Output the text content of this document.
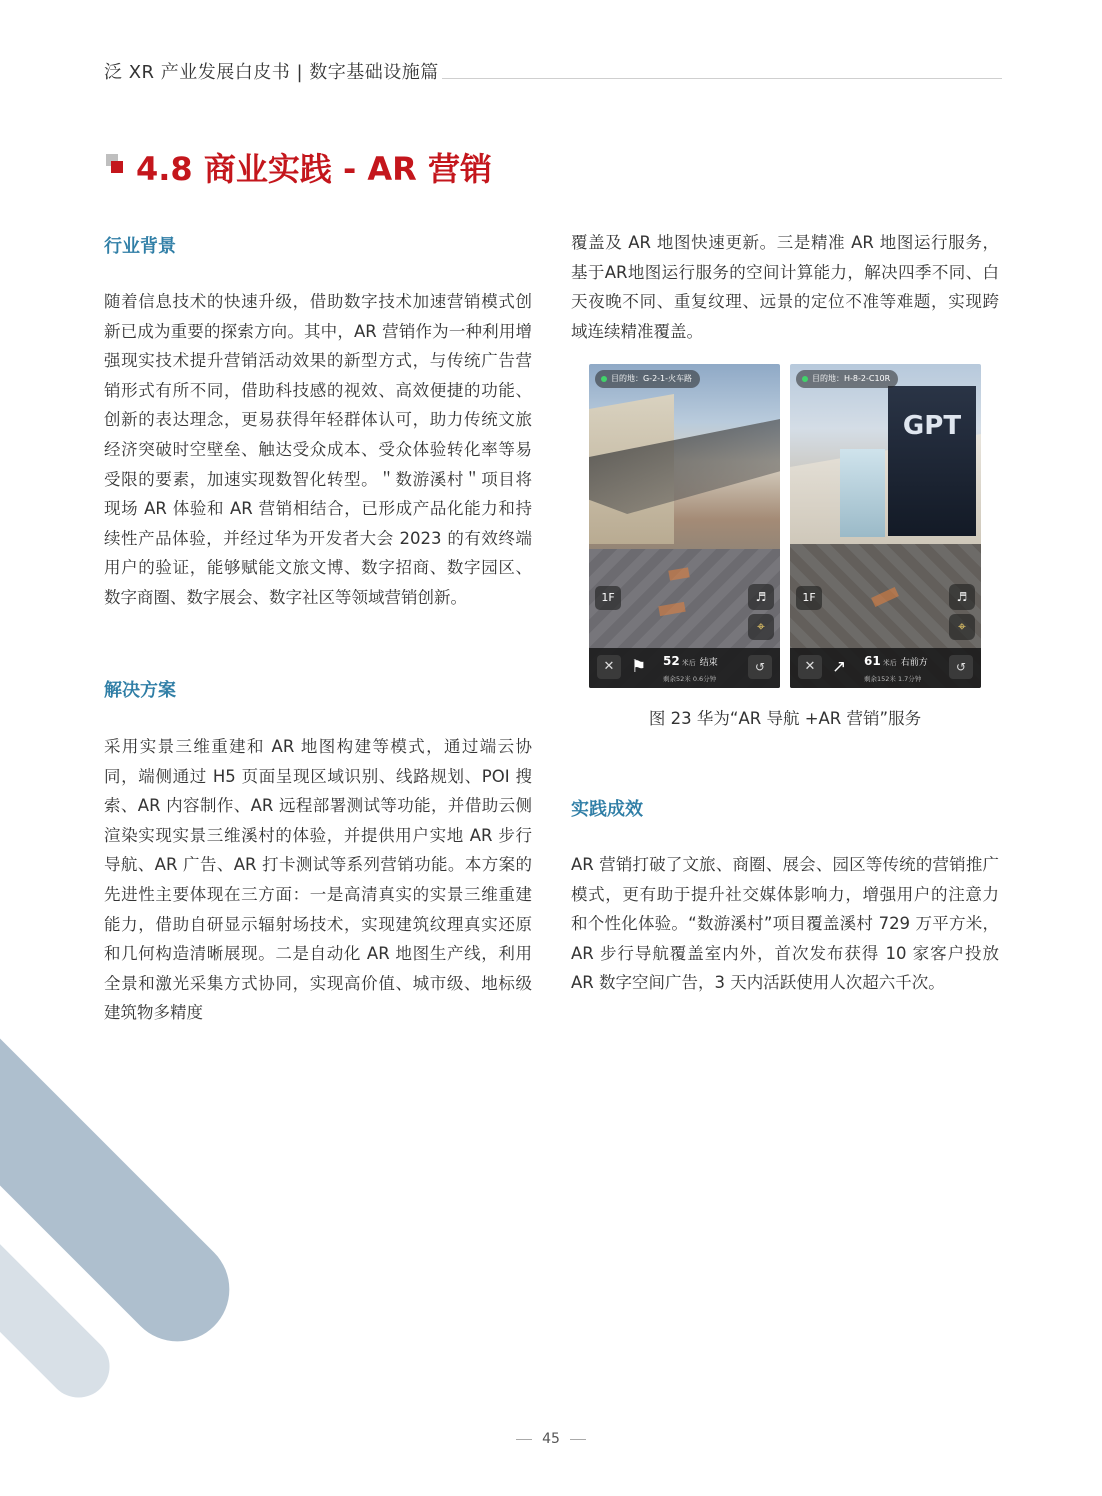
泛 XR 产业发展白皮书 | 数字基础设施篇
4.8 商业实践 - AR 营销
行业背景
随着信息技术的快速升级，借助数字技术加速营销模式创新已成为重要的探索方向。其中，AR 营销作为一种利用增强现实技术提升营销活动效果的新型方式，与传统广告营销形式有所不同，借助科技感的视效、高效便捷的功能、创新的表达理念，更易获得年轻群体认可，助力传统文旅经济突破时空壁垒、触达受众成本、受众体验转化率等易受限的要素，加速实现数智化转型。＂数游溪村＂项目将现场 AR 体验和 AR 营销相结合，已形成产品化能力和持续性产品体验，并经过华为开发者大会 2023 的有效终端用户的验证，能够赋能文旅文博、数字招商、数字园区、数字商圈、数字展会、数字社区等领域营销创新。
解决方案
采用实景三维重建和 AR 地图构建等模式，通过端云协同，端侧通过 H5 页面呈现区域识别、线路规划、POI 搜索、AR 内容制作、AR 远程部署测试等功能，并借助云侧渲染实现实景三维溪村的体验，并提供用户实地 AR 步行导航、AR 广告、AR 打卡测试等系列营销功能。本方案的先进性主要体现在三方面：一是高清真实的实景三维重建能力，借助自研显示辐射场技术，实现建筑纹理真实还原和几何构造清晰展现。二是自动化 AR 地图生产线，利用全景和激光采集方式协同，实现高价值、城市级、地标级建筑物多精度
覆盖及 AR 地图快速更新。三是精准 AR 地图运行服务，基于AR地图运行服务的空间计算能力，解决四季不同、白天夜晚不同、重复纹理、远景的定位不准等难题，实现跨域连续精准覆盖。
目的地：G-2-1-火车路
1F	♬
⌖
✕ ⚑ 52 米后 结束
剩余52米 0.6分钟
↺
GPT
目的地：H-8-2-C10R
1F	♬
⌖
✕ ↗ 61 米后 右前方
剩余152米 1.7分钟
↺
图 23 华为“AR 导航 +AR 营销”服务
实践成效
AR 营销打破了文旅、商圈、展会、园区等传统的营销推广模式，更有助于提升社交媒体影响力，增强用户的注意力和个性化体验。“数游溪村”项目覆盖溪村 729 万平方米，AR 步行导航覆盖室内外，首次发布获得 10 家客户投放 AR 数字空间广告，3 天内活跃使用人次超六千次。
45
